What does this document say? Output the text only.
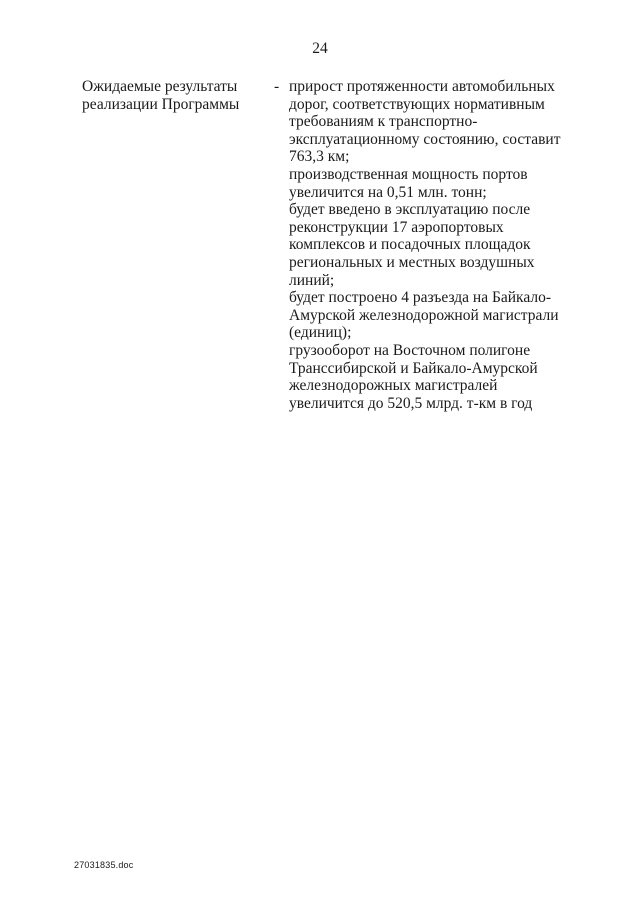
24
Ожидаемые результаты
реализации Программы
- прирост протяженности автомобильных
дорог, соответствующих нормативным
требованиям к транспортно-
эксплуатационному состоянию, составит
763,3 км;

производственная мощность портов
увеличится на 0,51 млн. тонн;

будет введено в эксплуатацию после
реконструкции 17 аэропортовых
комплексов и посадочных площадок
региональных и местных воздушных
линий;

будет построено 4 разъезда на Байкало-
Амурской железнодорожной магистрали
(единиц);

грузооборот на Восточном полигоне
Транссибирской и Байкало-Амурской
железнодорожных магистралей
увеличится до 520,5 млрд. т-км в год

27031835.doc
